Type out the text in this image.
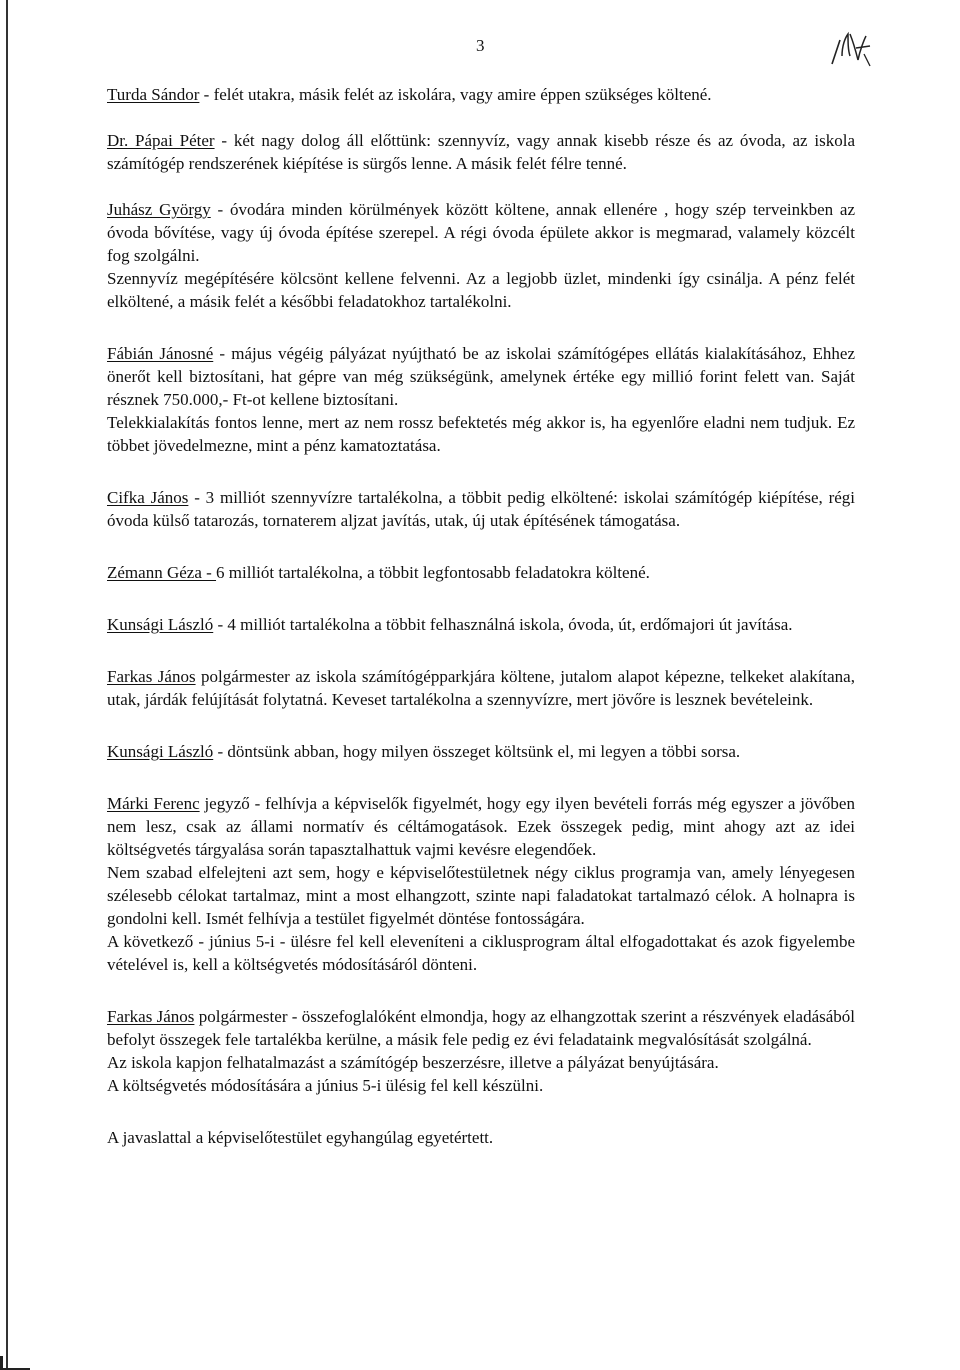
3

Turda Sándor - felét utakra, másik felét az iskolára, vagy amire éppen szükséges költené.

Dr. Pápai Péter - két nagy dolog áll előttünk: szennyvíz, vagy annak kisebb része és az óvoda, az iskola számítógép rendszerének kiépítése is sürgős lenne. A másik felét félre tenné.

Juhász György - óvodára minden körülmények között költene, annak ellenére , hogy szép terveinkben az óvoda bővítése, vagy új óvoda építése szerepel. A régi óvoda épülete akkor is megmarad, valamely közcélt fog szolgálni.

Szennyvíz megépítésére kölcsönt kellene felvenni. Az a legjobb üzlet, mindenki így csinálja. A pénz felét elköltené, a másik felét a későbbi feladatokhoz tartalékolni.

Fábián Jánosné - május végéig pályázat nyújtható be az iskolai számítógépes ellátás kialakításához, Ehhez önerőt kell biztosítani, hat gépre van még szükségünk, amelynek értéke egy millió forint felett van. Saját résznek 750.000,- Ft-ot kellene biztosítani.

Telekkialakítás fontos lenne, mert az nem rossz befektetés még akkor is, ha egyenlőre eladni nem tudjuk. Ez többet jövedelmezne, mint a pénz kamatoztatása.

Cifka János - 3 milliót szennyvízre tartalékolna, a többit pedig elköltené: iskolai számítógép kiépítése, régi óvoda külső tatarozás, tornaterem aljzat javítás, utak, új utak építésének támogatása.

Zémann Géza - 6 milliót tartalékolna, a többit legfontosabb feladatokra költené.

Kunsági László - 4 milliót tartalékolna a többit felhasználná iskola, óvoda, út, erdőmajori út javítása.

Farkas János polgármester az iskola számítógépparkjára költene, jutalom alapot képezne, telkeket alakítana, utak, járdák felújítását folytatná. Keveset tartalékolna a szennyvízre, mert jövőre is lesznek bevételeink.

Kunsági László - döntsünk abban, hogy milyen összeget költsünk el, mi legyen a többi sorsa.

Márki Ferenc jegyző - felhívja a képviselők figyelmét, hogy egy ilyen bevételi forrás még egyszer a jövőben nem lesz, csak az állami normatív és céltámogatások. Ezek összegek pedig, mint ahogy azt az idei költségvetés tárgyalása során tapasztalhattuk vajmi kevésre elegendőek.

Nem szabad elfelejteni azt sem, hogy e képviselőtestületnek négy ciklus programja van, amely lényegesen szélesebb célokat tartalmaz, mint a most elhangzott, szinte napi faladatokat tartalmazó célok. A holnapra is gondolni kell. Ismét felhívja a testület figyelmét döntése fontosságára.

A következő - június 5-i - ülésre fel kell eleveníteni a ciklusprogram által elfogadottakat és azok figyelembe vételével is, kell a költségvetés módosításáról dönteni.

Farkas János polgármester - összefoglalóként elmondja, hogy az elhangzottak szerint a részvények eladásából befolyt összegek fele tartalékba kerülne, a másik fele pedig ez évi feladataink megvalósítását szolgálná.

Az iskola kapjon felhatalmazást a számítógép beszerzésre, illetve a pályázat benyújtására.

A költségvetés módosítására a június 5-i ülésig fel kell készülni.

A javaslattal a képviselőtestület egyhangúlag egyetértett.
